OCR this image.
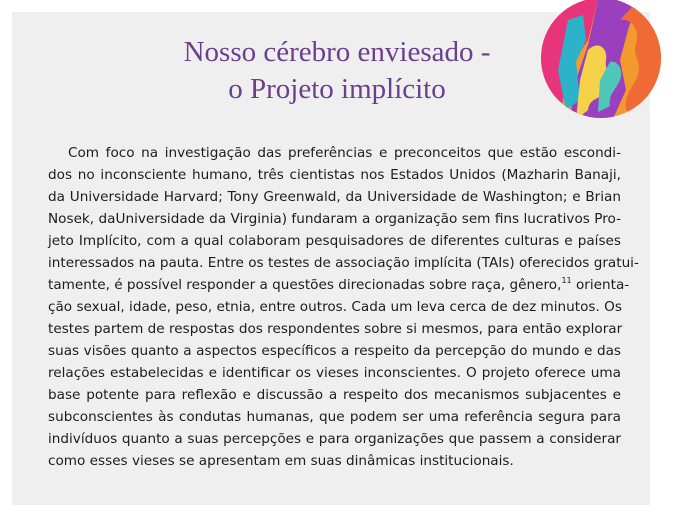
Nosso cérebro enviesado -
o Projeto implícito

Com foco na investigação das preferências e preconceitos que estão escondi-
dos no inconsciente humano, três cientistas nos Estados Unidos (Mazharin Banaji,
da Universidade Harvard; Tony Greenwald, da Universidade de Washington; e Brian
Nosek, daUniversidade da Virginia) fundaram a organização sem fins lucrativos Pro-
jeto Implícito, com a qual colaboram pesquisadores de diferentes culturas e países
interessados na pauta. Entre os testes de associação implícita (TAIs) oferecidos gratui-
tamente, é possível responder a questões direcionadas sobre raça, gênero,$^{11}$ orienta-
ção sexual, idade, peso, etnia, entre outros. Cada um leva cerca de dez minutos. Os
testes partem de respostas dos respondentes sobre si mesmos, para então explorar
suas visões quanto a aspectos específicos a respeito da percepção do mundo e das
relações estabelecidas e identificar os vieses inconscientes. O projeto oferece uma
base potente para reflexão e discussão a respeito dos mecanismos subjacentes e
subconscientes às condutas humanas, que podem ser uma referência segura para
indivíduos quanto a suas percepções e para organizações que passem a considerar
como esses vieses se apresentam em suas dinâmicas institucionais.
